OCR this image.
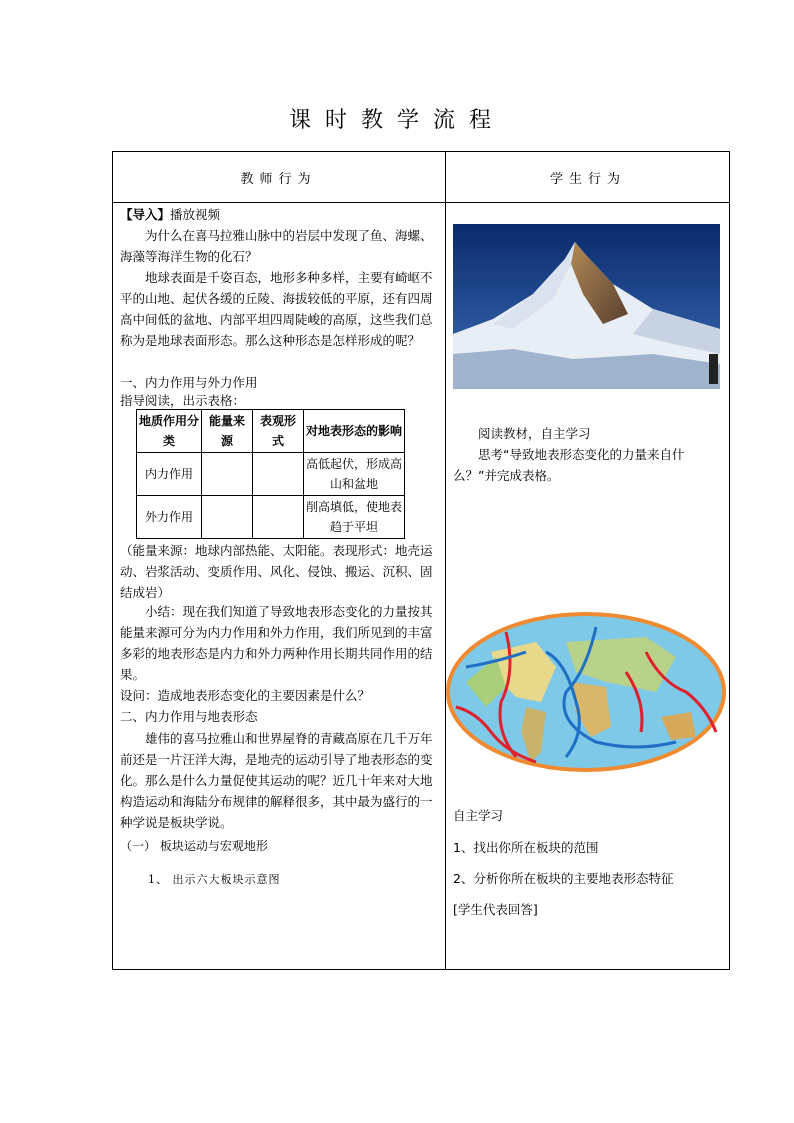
课时教学流程
教师行为	学生行为
【导入】播放视频

为什么在喜马拉雅山脉中的岩层中发现了鱼、海螺、海藻等海洋生物的化石？

地球表面是千姿百态，地形多种多样，主要有崎岖不平的山地、起伏各缓的丘陵、海拔较低的平原，还有四周高中间低的盆地、内部平坦四周陡峻的高原，这些我们总称为是地球表面形态。那么这种形态是怎样形成的呢？

一、内力作用与外力作用

指导阅读，出示表格：

地质作用分类	能量来源	表观形式	对地表形态的影响
内力作用			高低起伏，形成高山和盆地
外力作用			削高填低，使地表趋于平坦

（能量来源：地球内部热能、太阳能。表现形式：地壳运动、岩浆活动、变质作用、风化、侵蚀、搬运、沉积、固结成岩）

小结：现在我们知道了导致地表形态变化的力量按其能量来源可分为内力作用和外力作用，我们所见到的丰富多彩的地表形态是内力和外力两种作用长期共同作用的结果。

设问：造成地表形态变化的主要因素是什么？

二、内力作用与地表形态

雄伟的喜马拉雅山和世界屋脊的青藏高原在几千万年前还是一片汪洋大海，是地壳的运动引导了地表形态的变化。那么是什么力量促使其运动的呢？近几十年来对大地构造运动和海陆分布规律的解释很多，其中最为盛行的一种学说是板块学说。

（一） 板块运动与宏观地形

1、 出示六大板块示意图

阅读教材，自主学习

思考“导致地表形态变化的力量来自什么？”并完成表格。

自主学习

1、找出你所在板块的范围

2、分析你所在板块的主要地表形态特征

[学生代表回答]
